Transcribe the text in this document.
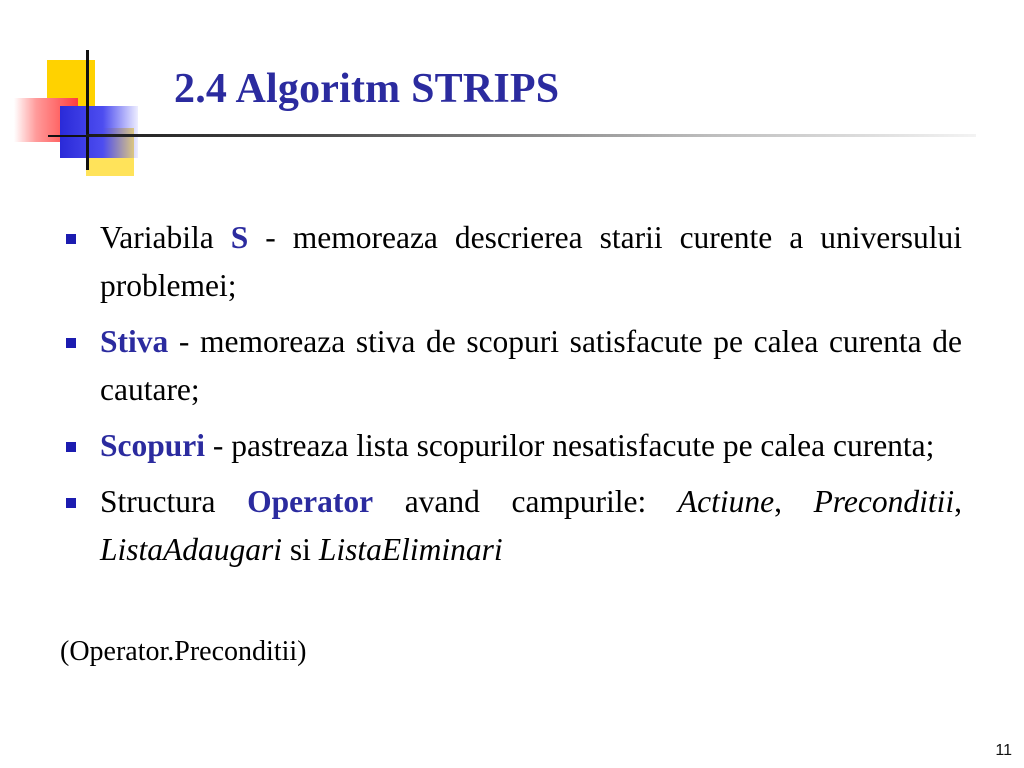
2.4 Algoritm STRIPS
Variabila S - memoreaza descrierea starii curente a universului problemei;
Stiva - memoreaza stiva de scopuri satisfacute pe calea curenta de cautare;
Scopuri - pastreaza lista scopurilor nesatisfacute pe calea curenta;
Structura Operator avand campurile: Actiune, Preconditii, ListaAdaugari si ListaEliminari

(Operator.Preconditii)

11
